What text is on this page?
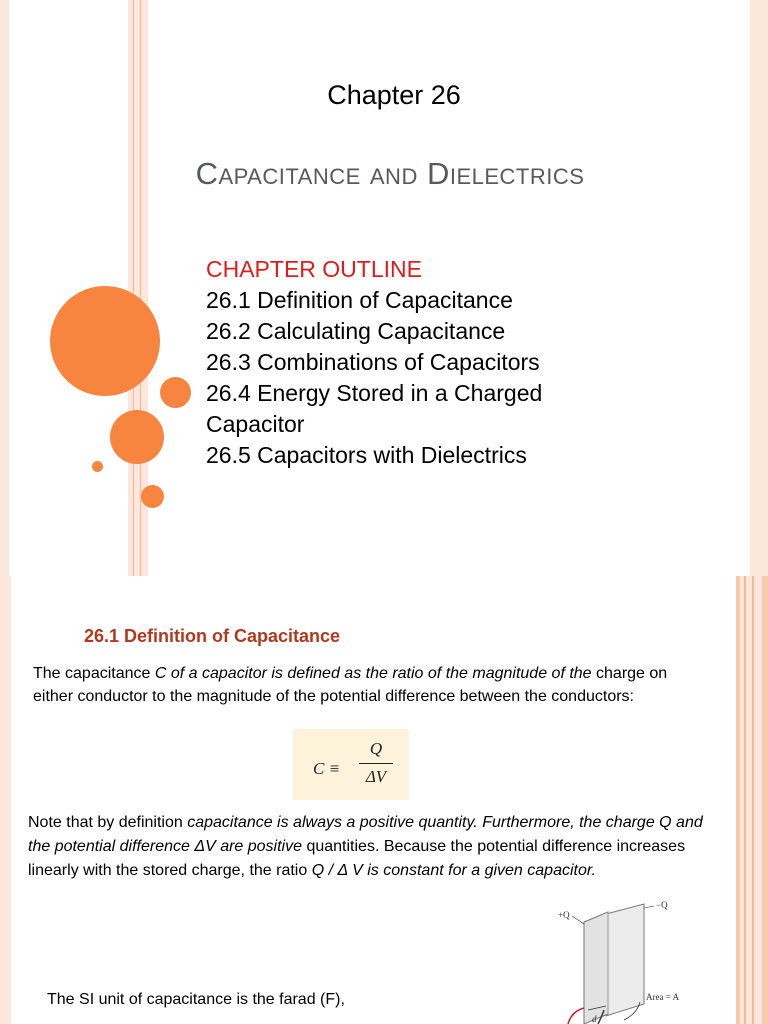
Chapter 26
Capacitance and Dielectrics
CHAPTER OUTLINE
26.1 Definition of Capacitance
26.2 Calculating Capacitance
26.3 Combinations of Capacitors
26.4 Energy Stored in a Charged Capacitor
26.5 Capacitors with Dielectrics
26.1 Definition of Capacitance
The capacitance C of a capacitor is defined as the ratio of the magnitude of the charge on either conductor to the magnitude of the potential difference between the conductors:
C ≡
Q
ΔV
Note that by definition capacitance is always a positive quantity. Furthermore, the charge Q and the potential difference ΔV are positive quantities. Because the potential difference increases linearly with the stored charge, the ratio Q / Δ V is constant for a given capacitor.
The SI unit of capacitance is the farad (F),
d
Area = A
+Q
−Q
